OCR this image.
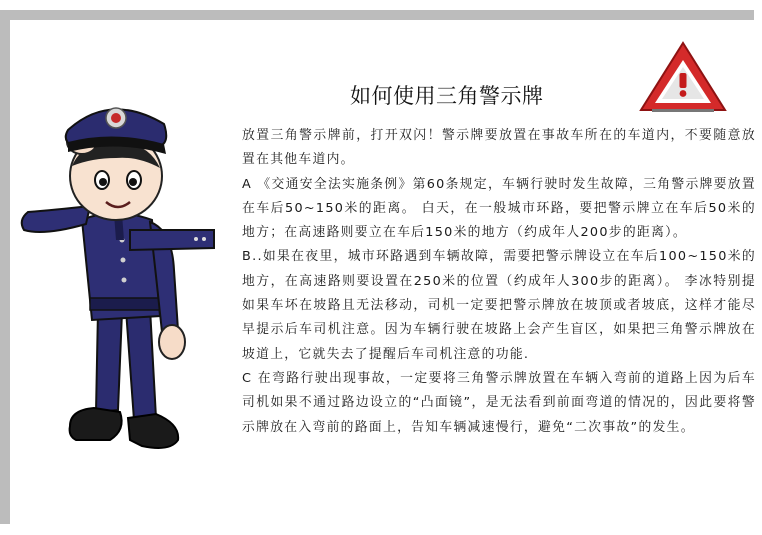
如何使用三角警示牌

放置三角警示牌前，打开双闪！警示牌要放置在事故车所在的车道内，不要随意放置在其他车道内。

A 《交通安全法实施条例》第60条规定，车辆行驶时发生故障，三角警示牌要放置在车后50~150米的距离。 白天，在一般城市环路，要把警示牌立在车后50米的地方；在高速路则要立在车后150米的地方（约成年人200步的距离）。

B..如果在夜里，城市环路遇到车辆故障，需要把警示牌设立在车后100~150米的地方，在高速路则要设置在250米的位置（约成年人300步的距离）。 李冰特别提如果车坏在坡路且无法移动，司机一定要把警示牌放在坡顶或者坡底，这样才能尽早提示后车司机注意。因为车辆行驶在坡路上会产生盲区，如果把三角警示牌放在坡道上，它就失去了提醒后车司机注意的功能.

C 在弯路行驶出现事故，一定要将三角警示牌放置在车辆入弯前的道路上因为后车司机如果不通过路边设立的“凸面镜”，是无法看到前面弯道的情况的，因此要将警示牌放在入弯前的路面上，告知车辆减速慢行，避免“二次事故”的发生。
